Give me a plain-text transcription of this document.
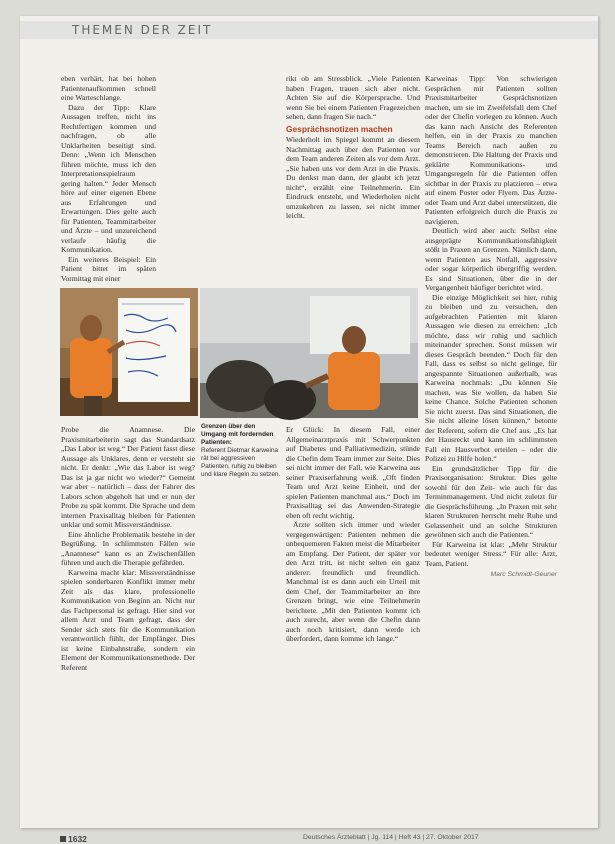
THEMEN DER ZEIT

eben verhärt, hat bei hohen Patientenaufkommen schnell eine Warteschlange.

Dazu der Tipp: Klare Aussagen treffen, nicht ins Rechtfertigen kommen und nachfragen, ob alle Unklarheiten beseitigt sind. Denn: „Wenn ich Menschen führen möchte, muss ich den Interpretationsspielraum gering halten.“ Jeder Mensch höre auf einer eigenen Ebene aus Erfahrungen und Erwartungen. Dies gelte auch für Patienten, Teammitarbeiter und Ärzte – und unzureichend verlaufe häufig die Kommunikation.

Ein weiteres Beispiel: Ein Patient bittet im späten Vormittag mit einer

rikt ob am Stressblick. „Viele Patienten haben Fragen, trauen sich aber nicht. Achten Sie auf die Körpersprache. Und wenn Sie bei einem Patienten Fragezeichen sehen, dann fragen Sie nach.“

Gesprächsnotizen machen

Wiederholt im Spiegel kommt an diesem Nachmittag auch über den Patienten vor dem Team anderen Zeiten als vor dem Arzt. „Sie haben uns vor dem Arzt in die Praxis. Du denkst man dann, der glaubt ich jetzt nicht“, erzählt eine Teilnehmerin. Ein Eindruck entsteht, und Wiederholen nicht umzukehren zu lassen, sei nicht immer leicht.

Karweinas Tipp: Von schwierigen Gesprächen mit Patienten sollten Praxismitarbeiter Gesprächsnotizen machen, um sie im Zweifelsfall dem Chef oder der Chefin vorlegen zu können. Auch das kann nach Ansicht des Referenten helfen, ein in der Praxis zu manchen Teams Bereich nach außen zu demonstrieren. Die Haltung der Praxis und geklärte Kommunikations- und Umgangsregeln für die Patienten offen sichtbar in der Praxis zu platzieren – etwa auf einem Poster oder Flyern. Das Ärzte- oder Team und Arzt dabei unterstützen, die Patienten erfolgreich durch die Praxis zu navigieren.

Deutlich wird aber auch: Selbst eine ausgeprägte Kommunikationsfähigkeit stößt in Praxen an Grenzen. Nämlich dann, wenn Patienten aus Notfall, aggressive oder sogar körperlich übergriffig werden. Es sind Situationen, über die in der Vergangenheit häufiger berichtet wird.

Die einzige Möglichkeit sei hier, ruhig zu bleiben und zu versuchen, den aufgebrachten Patienten mit klaren Aussagen wie diesen zu erreichen: „Ich möchte, dass wir ruhig und sachlich miteinander sprechen. Sonst müssen wir dieses Gespräch beenden.“ Doch für den Fall, dass es selbst so nicht gelinge, für angespannte Situationen außerhalb, was Karweina nochmals: „Du können Sie machen, was Sie wollen, da haben Sie keine Chance. Solche Patienten schonen Sie nicht zuerst. Das sind Situationen, die Sie nicht alleine lösen können,“ betonte der Referent, sofern die Chef aus. „Es hat der Hausreckt und kann im schlimmsten Fall ein Hausverbot erteilen – oder die Polizei zu Hilfe holen.“

Ein grundsätzlicher Tipp für die Praxisorganisation: Struktur. Dies gelte sowohl für den Zeit- wie auch für das Terminmanagement. Und nicht zuletzt für die Gesprächsführung. „In Praxen mit sehr klaren Strukturen herrscht mehr Ruhe und Gelassenheit und an solche Strukturen gewöhnen sich auch die Patienten.“

Für Karweina ist klar: „Mehr Struktur bedeutet weniger Stress.“ Für alle: Arzt, Team, Patient.

Marc Schmidt-Geuner
Grenzen über den Umgang mit fordernden Patienten:
Referent Dietmar Karweina rät bei aggressiven Patienten, ruhig zu bleiben und klare Regeln zu setzen.

Probe die Anamnese. Die Praxismitarbeiterin sagt das Standardsatz „Das Labor ist weg.“ Der Patient fasst diese Aussage als Unklares, denn er versteht sie nicht. Er denkt: „Wie das Labor ist weg? Das ist ja gar nicht wo wieder?“ Gemeint war aber – natürlich – dass der Fahrer des Labors schon abgeholt hat und er nun der Probe zu spät kommt. Die Sprache und dem internen Praxisalltag bleiben für Patienten unklar und somit Missverständnisse.

Eine ähnliche Problematik bestehe in der Begrüßung. In schlimmsten Fällen wie „Anamnese“ kann es an Zwischenfällen führen und auch die Therapie gefährden.

Karweina macht klar: Missverständnisse spielen sonderbaren Konflikt immer mehr Zeit als das klare, professionelle Kommunikation von Beginn an. Nicht nur das Fachpersonal ist gefragt. Hier sind vor allem Arzt und Team gefragt, dass der Sender sich stets für die Kommunikation verantwortlich fühlt, der Empfänger. Dies ist keine Einbahnstraße, sondern ein Element der Kommunikationsmethode. Der Referent

Er Glück: In diesem Fall, einer Allgemeinarztpraxis mit Schwerpunkten auf Diabetes und Palliativmedizin, stünde die Chefin dem Team immer zur Seite. Dies sei nicht immer der Fall, wie Karweina aus seiner Praxiserfahrung weiß. „Oft finden Team und Arzt keine Einheit, und der spielen Patienten manchmal aus.“ Doch im Praxisalltag sei das Anwenden-Strategie eben oft recht wichtig.

Ärzte sollten sich immer und wieder vergegenwärtigen: Patienten nehmen die unbequemeren Fakten meist die Mitarbeiter am Empfang. Der Patient, der später vor den Arzt tritt, ist nicht selten ein ganz anderer: freundlich und freundlich. Manchmal ist es dann auch ein Urteil mit dem Chef, der Teammitarbeiter an ihre Grenzen bringt, wie eine Teilnehmerin berichtete. „Mit den Patienten kommt ich auch zurecht, aber wenn die Chefin dann auch noch kritisiert, dann werde ich überfordert, dann komme ich lange.“

1632	Deutsches Ärzteblatt | Jg. 114 | Heft 43 | 27. Oktober 2017
